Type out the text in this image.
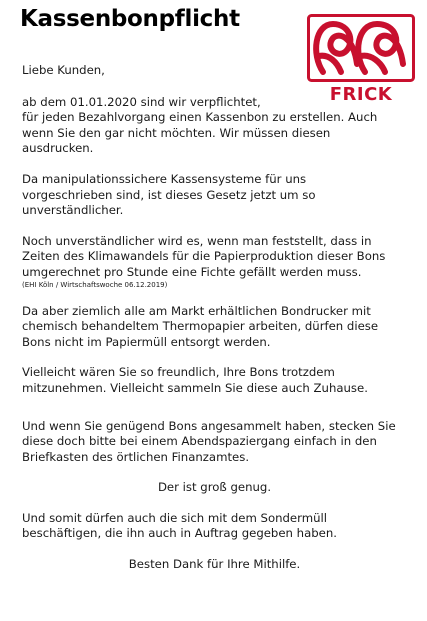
Kassenbonpflicht
FRICK

Liebe Kunden,

ab dem 01.01.2020 sind wir verpflichtet,

für jeden Bezahlvorgang einen Kassenbon zu erstellen. Auch
wenn Sie den gar nicht möchten. Wir müssen diesen
ausdrucken.

Da manipulationssichere Kassensysteme für uns
vorgeschrieben sind, ist dieses Gesetz jetzt um so
unverständlicher.

Noch unverständlicher wird es, wenn man feststellt, dass in
Zeiten des Klimawandels für die Papierproduktion dieser Bons
umgerechnet pro Stunde eine Fichte gefällt werden muss.

(EHI Köln / Wirtschaftswoche 06.12.2019)

Da aber ziemlich alle am Markt erhältlichen Bondrucker mit
chemisch behandeltem Thermopapier arbeiten, dürfen diese
Bons nicht im Papiermüll entsorgt werden.

Vielleicht wären Sie so freundlich, Ihre Bons trotzdem
mitzunehmen. Vielleicht sammeln Sie diese auch Zuhause.

Und wenn Sie genügend Bons angesammelt haben, stecken Sie
diese doch bitte bei einem Abendspaziergang einfach in den
Briefkasten des örtlichen Finanzamtes.

Der ist groß genug.

Und somit dürfen auch die sich mit dem Sondermüll
beschäftigen, die ihn auch in Auftrag gegeben haben.

Besten Dank für Ihre Mithilfe.
